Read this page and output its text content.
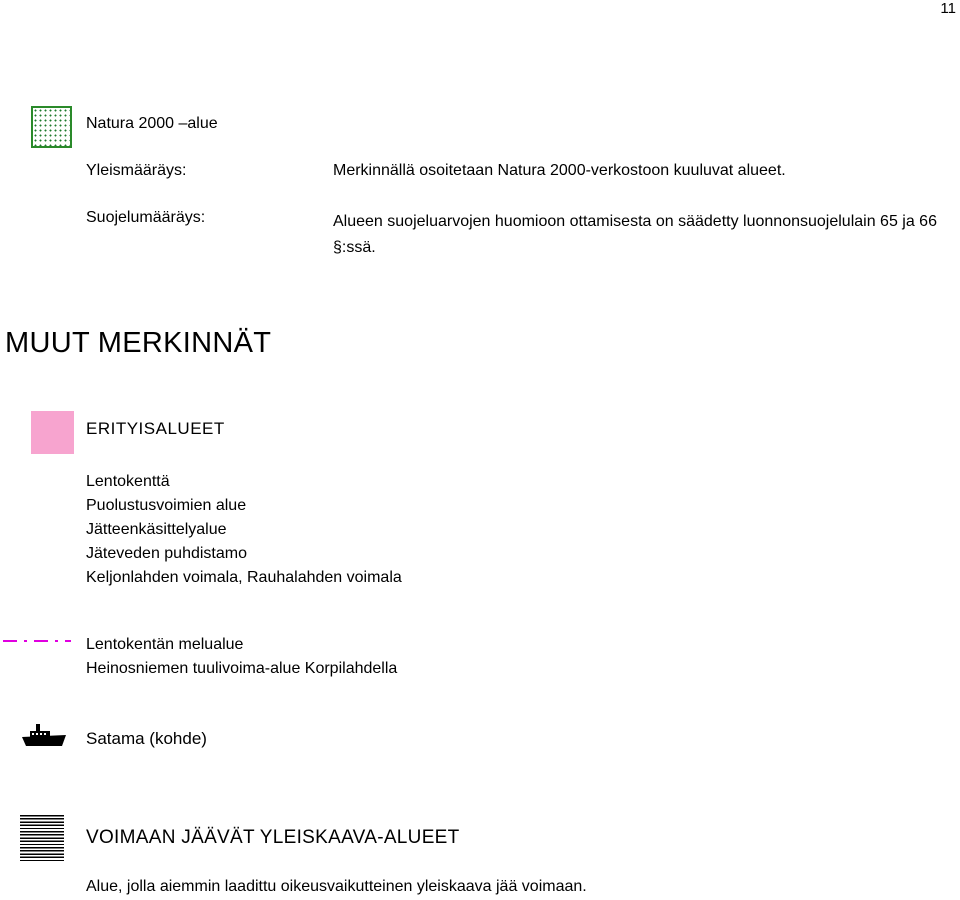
11
Natura 2000 –alue
Yleismääräys:	Merkinnällä osoitetaan Natura 2000-verkostoon kuuluvat alueet.
Suojelumääräys:	Alueen suojeluarvojen huomioon ottamisesta on säädetty luonnonsuojelulain 65 ja 66 §:ssä.
MUUT MERKINNÄT
ERITYISALUEET
Lentokenttä
Puolustusvoimien alue
Jätteenkäsittelyalue
Jäteveden puhdistamo
Keljonlahden voimala, Rauhalahden voimala
Lentokentän melualue
Heinosniemen tuulivoima-alue Korpilahdella
Satama (kohde)
VOIMAAN JÄÄVÄT YLEISKAAVA-ALUEET
Alue, jolla aiemmin laadittu oikeusvaikutteinen yleiskaava jää voimaan.
